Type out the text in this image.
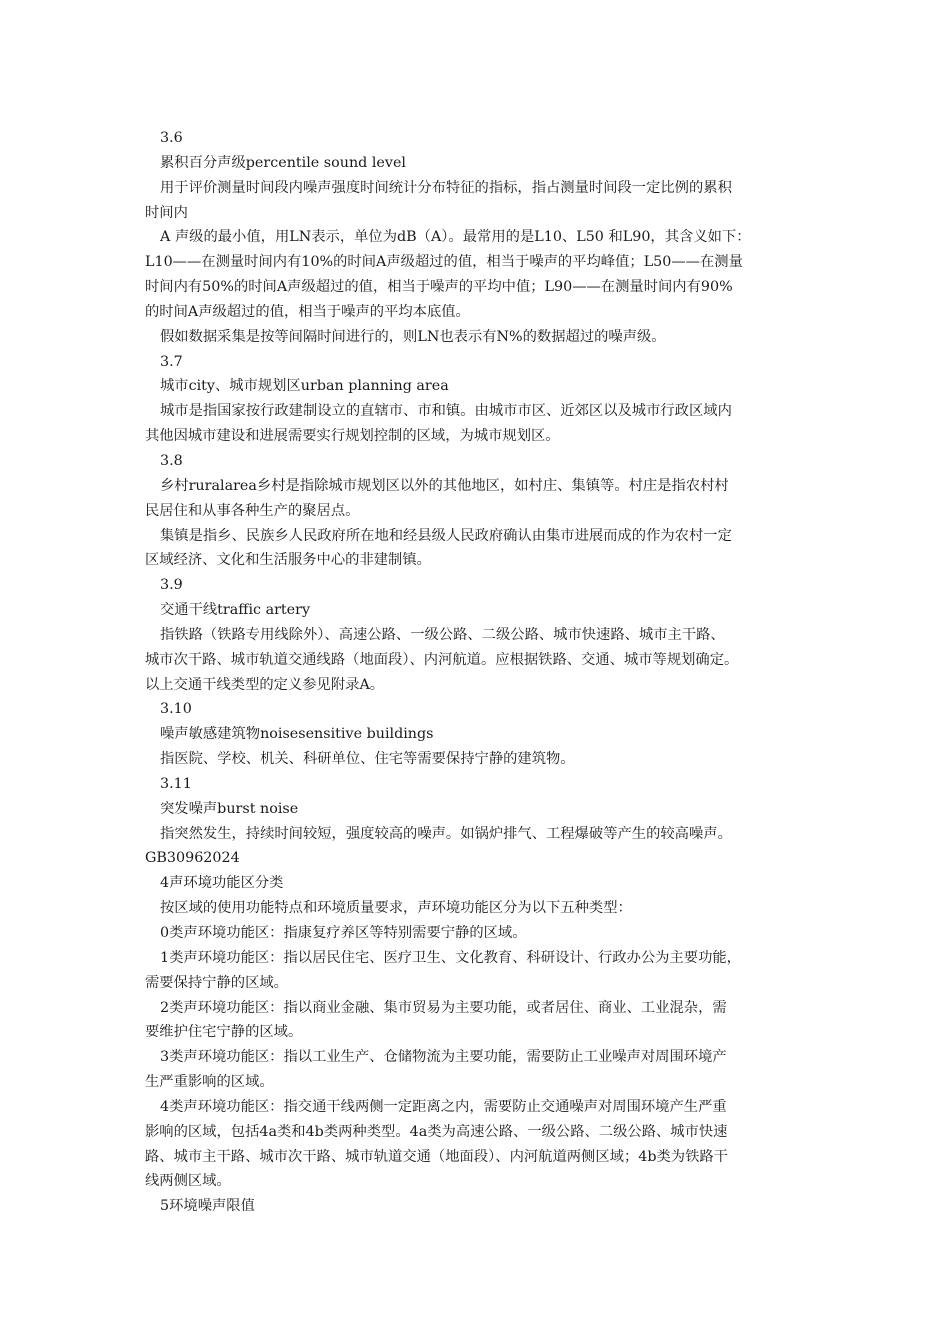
3.6
累积百分声级percentile sound level
用于评价测量时间段内噪声强度时间统计分布特征的指标，指占测量时间段一定比例的累积
时间内
A 声级的最小值，用LN表示，单位为dB（A）。最常用的是L10、L50 和L90，其含义如下：
L10——在测量时间内有10%的时间A声级超过的值，相当于噪声的平均峰值；L50——在测量
时间内有50%的时间A声级超过的值，相当于噪声的平均中值；L90——在测量时间内有90%
的时间A声级超过的值，相当于噪声的平均本底值。
假如数据采集是按等间隔时间进行的，则LN也表示有N%的数据超过的噪声级。
3.7
城市city、城市规划区urban planning area
城市是指国家按行政建制设立的直辖市、市和镇。由城市市区、近郊区以及城市行政区域内
其他因城市建设和进展需要实行规划控制的区域，为城市规划区。
3.8
乡村ruralarea乡村是指除城市规划区以外的其他地区，如村庄、集镇等。村庄是指农村村
民居住和从事各种生产的聚居点。
集镇是指乡、民族乡人民政府所在地和经县级人民政府确认由集市进展而成的作为农村一定
区域经济、文化和生活服务中心的非建制镇。
3.9
交通干线traffic artery
指铁路（铁路专用线除外）、高速公路、一级公路、二级公路、城市快速路、城市主干路、
城市次干路、城市轨道交通线路（地面段）、内河航道。应根据铁路、交通、城市等规划确定。
以上交通干线类型的定义参见附录A。
3.10
噪声敏感建筑物noisesensitive buildings
指医院、学校、机关、科研单位、住宅等需要保持宁静的建筑物。
3.11
突发噪声burst noise
指突然发生，持续时间较短，强度较高的噪声。如锅炉排气、工程爆破等产生的较高噪声。
GB30962024
4声环境功能区分类
按区域的使用功能特点和环境质量要求，声环境功能区分为以下五种类型：
0类声环境功能区：指康复疗养区等特别需要宁静的区域。
1类声环境功能区：指以居民住宅、医疗卫生、文化教育、科研设计、行政办公为主要功能，
需要保持宁静的区域。
2类声环境功能区：指以商业金融、集市贸易为主要功能，或者居住、商业、工业混杂，需
要维护住宅宁静的区域。
3类声环境功能区：指以工业生产、仓储物流为主要功能，需要防止工业噪声对周围环境产
生严重影响的区域。
4类声环境功能区：指交通干线两侧一定距离之内，需要防止交通噪声对周围环境产生严重
影响的区域，包括4a类和4b类两种类型。4a类为高速公路、一级公路、二级公路、城市快速
路、城市主干路、城市次干路、城市轨道交通（地面段）、内河航道两侧区域；4b类为铁路干
线两侧区域。
5环境噪声限值
